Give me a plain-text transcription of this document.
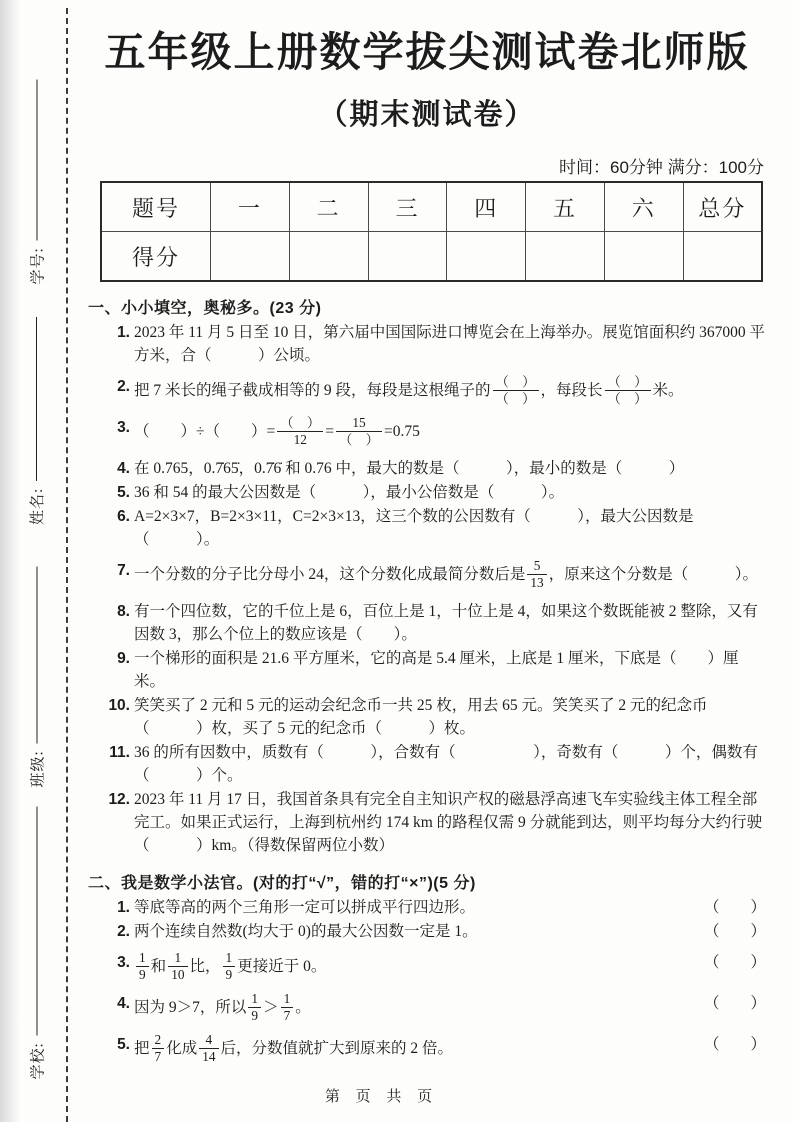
学号:
姓名:
班级:
学校:
五年级上册数学拔尖测试卷北师版
（期末测试卷）
时间：60分钟 满分：100分
题号	一	二	三	四	五	六	总分
得分							
一、小小填空，奥秘多。(23 分)
1. 2023 年 11 月 5 日至 10 日，第六届中国国际进口博览会在上海举办。展览馆面积约 367000 平方米，合（　　　）公顷。
2. 把 7 米长的绳子截成相等的 9 段，每段是这根绳子的 $\frac{( )}{( )}$ ，每段长 $\frac{( )}{( )}$ 米。
3. （　　）÷（　　）= $\frac{( )}{12} = \frac{15}{( )} =0.75$
4. 在 0.765，0.7̇65̇，0.7̇6̇ 和 0.76 中，最大的数是（　　　），最小的数是（　　　）
5. 36 和 54 的最大公因数是（　　　），最小公倍数是（　　　）。
6. A=2×3×7，B=2×3×11，C=2×3×13，这三个数的公因数有（　　　），最大公因数是（　　　）。
7. 一个分数的分子比分母小 24，这个分数化成最简分数后是 $\frac{5}{13}$ ，原来这个分数是（　　　）。
8. 有一个四位数，它的千位上是 6，百位上是 1，十位上是 4，如果这个数既能被 2 整除，又有因数 3，那么个位上的数应该是（　　）。
9. 一个梯形的面积是 21.6 平方厘米，它的高是 5.4 厘米，上底是 1 厘米，下底是（　　）厘米。
10. 笑笑买了 2 元和 5 元的运动会纪念币一共 25 枚，用去 65 元。笑笑买了 2 元的纪念币（　　　）枚，买了 5 元的纪念币（　　　）枚。
11. 36 的所有因数中，质数有（　　　），合数有（　　　　　），奇数有（　　　）个，偶数有（　　　）个。
12. 2023 年 11 月 17 日，我国首条具有完全自主知识产权的磁悬浮高速飞车实验线主体工程全部完工。如果正式运行，上海到杭州约 174 km 的路程仅需 9 分就能到达，则平均每分大约行驶（　　　）km。（得数保留两位小数）
二、我是数学小法官。(对的打“√”，错的打“×”)(5 分)
1. 等底等高的两个三角形一定可以拼成平行四边形。	（　　）
2. 两个连续自然数(均大于 0)的最大公因数一定是 1。	（　　）
3. $\frac{1}{9}$ 和 $\frac{1}{10}$ 比， $\frac{1}{9}$ 更接近于 0。	（　　）
4. 因为 9＞7，所以 $\frac{1}{9} > \frac{1}{7}$ 。	（　　）
5. 把 $\frac{2}{7}$ 化成 $\frac{4}{14}$ 后，分数值就扩大到原来的 2 倍。	（　　）
第 页 共 页
